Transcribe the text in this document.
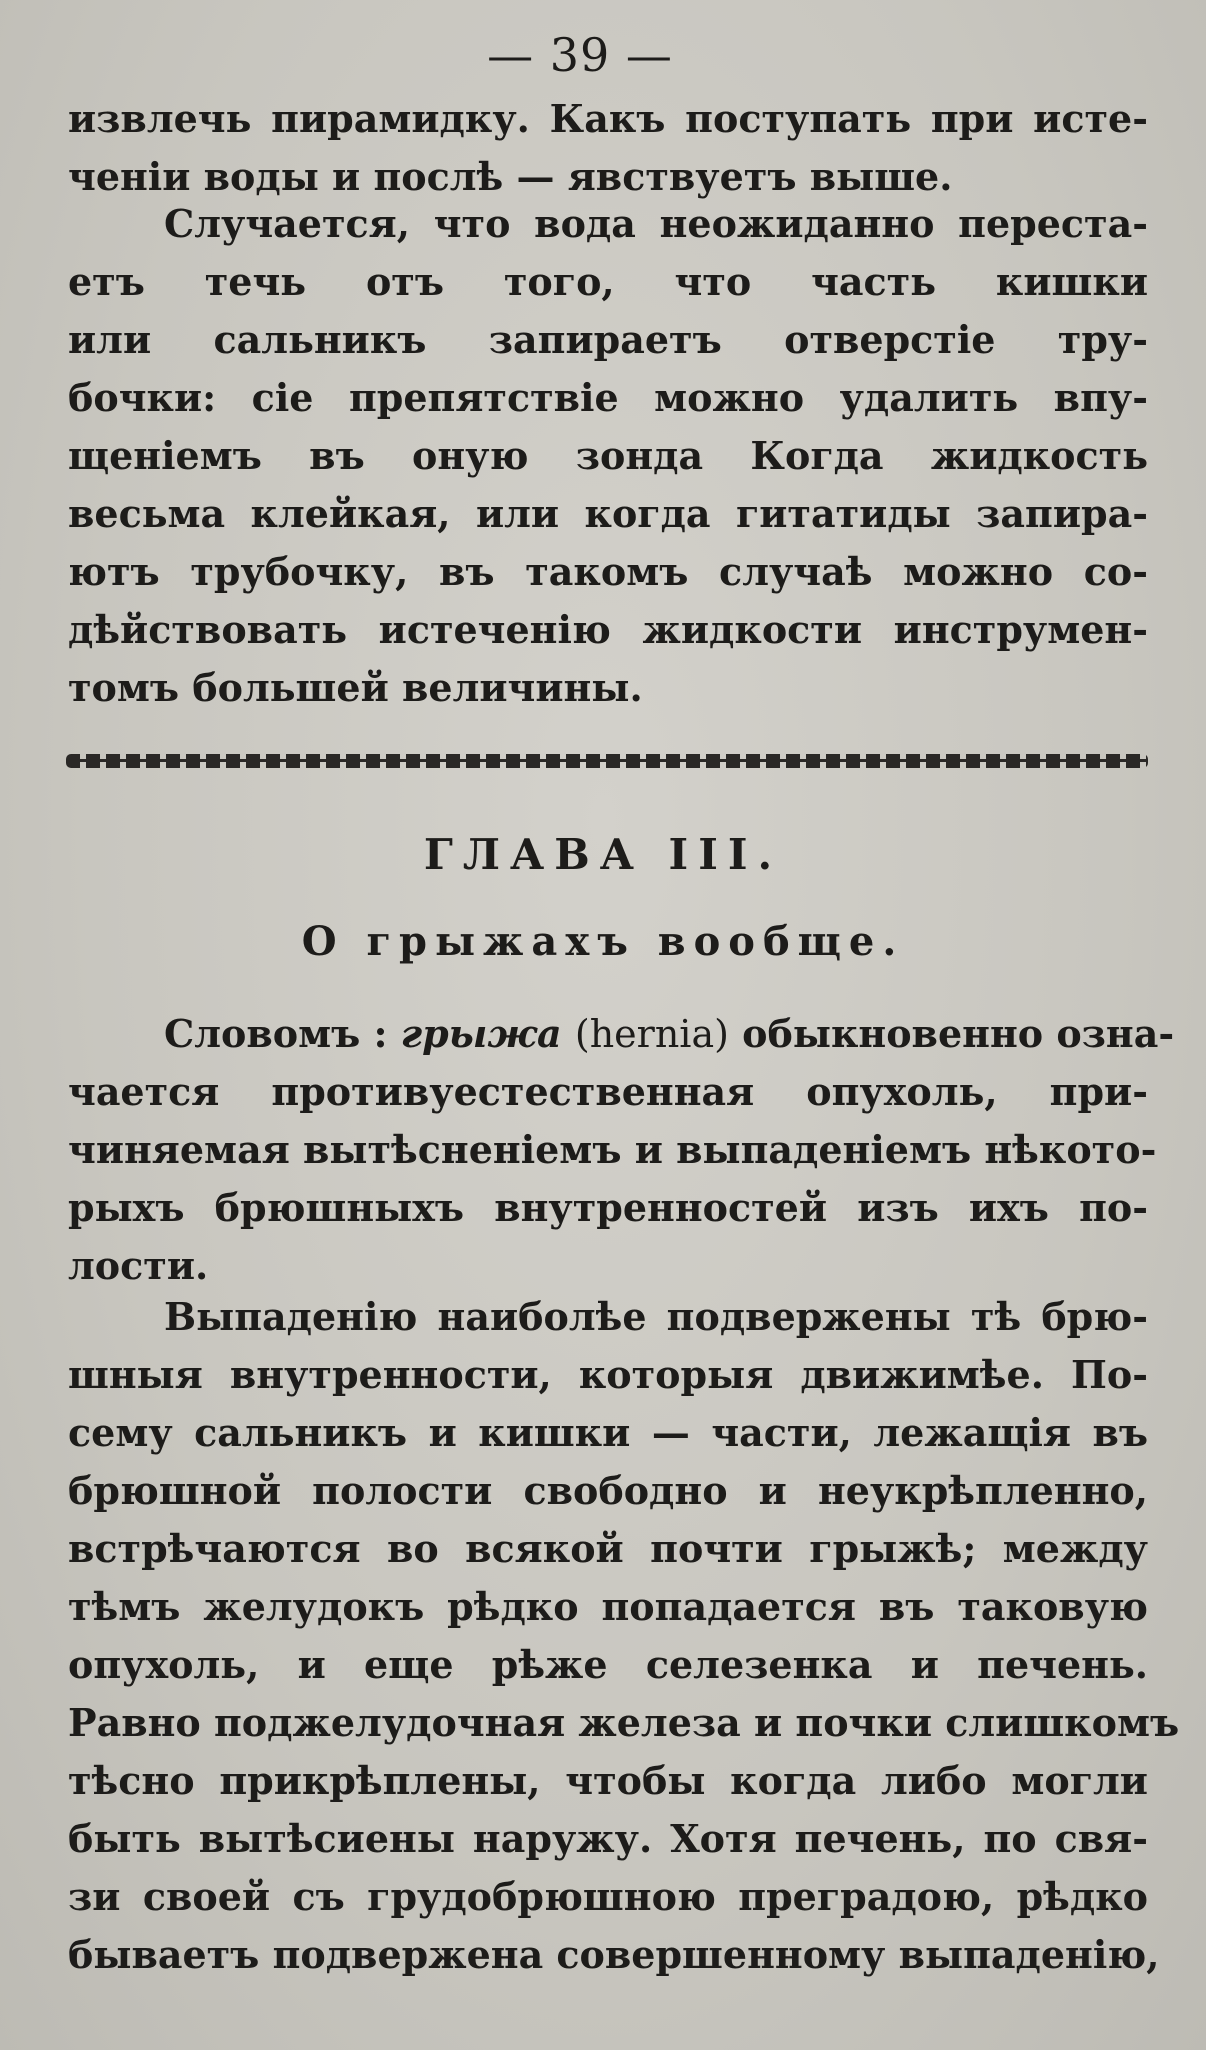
— 39 —
извлечь пирамидку. Какъ поступать при исте-
ченіи воды и послѣ — явствуетъ выше.
Случается, что вода неожиданно переста-
етъ течь отъ того, что часть кишки
или сальникъ запираетъ отверстіе тру-
бочки: сіе препятствіе можно удалить впу-
щеніемъ въ оную зонда Когда жидкость
весьма клейкая, или когда гитатиды запира-
ютъ трубочку, въ такомъ случаѣ можно со-
дѣйствовать истеченію жидкости инструмен-
томъ большей величины.
ГЛАВА III.
О грыжахъ вообще.
Словомъ : грыжа (hernia) обыкновенно озна-
чается противуестественная опухоль, при-
чиняемая вытѣсненіемъ и выпаденіемъ нѣкото-
рыхъ брюшныхъ внутренностей изъ ихъ по-
лости.
Выпаденію наиболѣе подвержены тѣ брю-
шныя внутренности, которыя движимѣе. По-
сему сальникъ и кишки — части, лежащія въ
брюшной полости свободно и неукрѣпленно,
встрѣчаются во всякой почти грыжѣ; между
тѣмъ желудокъ рѣдко попадается въ таковую
опухоль, и еще рѣже селезенка и печень.
Равно поджелудочная железа и почки слишкомъ
тѣсно прикрѣплены, чтобы когда либо могли
быть вытѣсиены наружу. Хотя печень, по свя-
зи своей съ грудобрюшною преградою, рѣдко
бываетъ подвержена совершенному выпаденію,
